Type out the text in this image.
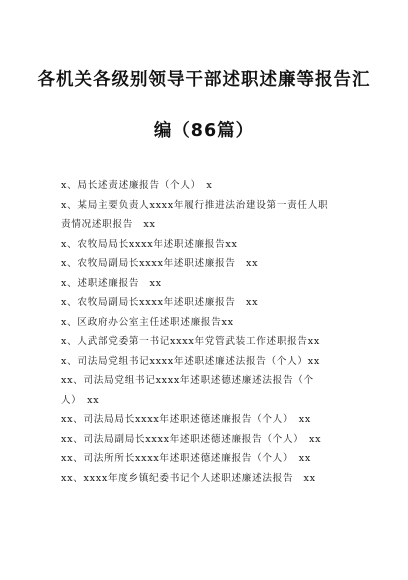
各机关各级别领导干部述职述廉等报告汇
编（86篇）
x、局长述责述廉报告（个人）　x
x、某局主要负责人xxxx年履行推进法治建设第一责任人职
责情况述职报告　xx
x、农牧局局长xxxx年述职述廉报告xx
x、农牧局副局长xxxx年述职述廉报告　xx
x、述职述廉报告　xx
x、农牧局副局长xxxx年述职述廉报告　xx
x、区政府办公室主任述职述廉报告xx
x、人武部党委第一书记xxxx年党管武装工作述职报告xx
x、司法局党组书记xxxx年述职述廉述法报告（个人）xx
xx、司法局党组书记xxxx年述职述德述廉述法报告（个
人）　xx
xx、司法局局长xxxx年述职述德述廉报告（个人）　xx
xx、司法局副局长xxxx年述职述德述廉报告（个人）　xx
xx、司法所所长xxxx年述职述德述廉报告（个人）　xx
xx、xxxx年度乡镇纪委书记个人述职述廉述法报告　xx
